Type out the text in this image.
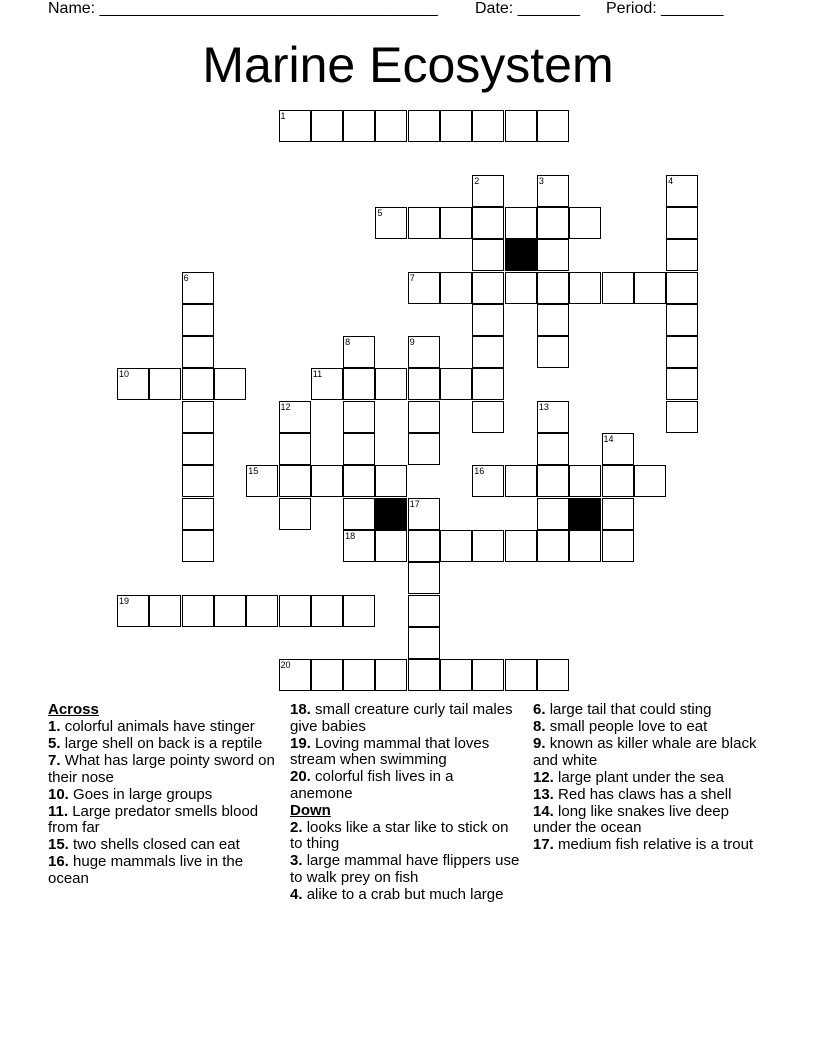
Name: ______________________________________ Date: _______ Period: _______
Marine Ecosystem
1
2	3	4
5
6	7
8	9
10	11
12	13
14
15	16
17
18
19
20
Across
1. colorful animals have stinger
5. large shell on back is a reptile
7. What has large pointy sword on their nose
10. Goes in large groups
11. Large predator smells blood from far
15. two shells closed can eat
16. huge mammals live in the ocean
18. small creature curly tail males give babies
19. Loving mammal that loves stream when swimming
20. colorful fish lives in a anemone
Down
2. looks like a star like to stick on to thing
3. large mammal have flippers use to walk prey on fish
4. alike to a crab but much large
6. large tail that could sting
8. small people love to eat
9. known as killer whale are black and white
12. large plant under the sea
13. Red has claws has a shell
14. long like snakes live deep under the ocean
17. medium fish relative is a trout
